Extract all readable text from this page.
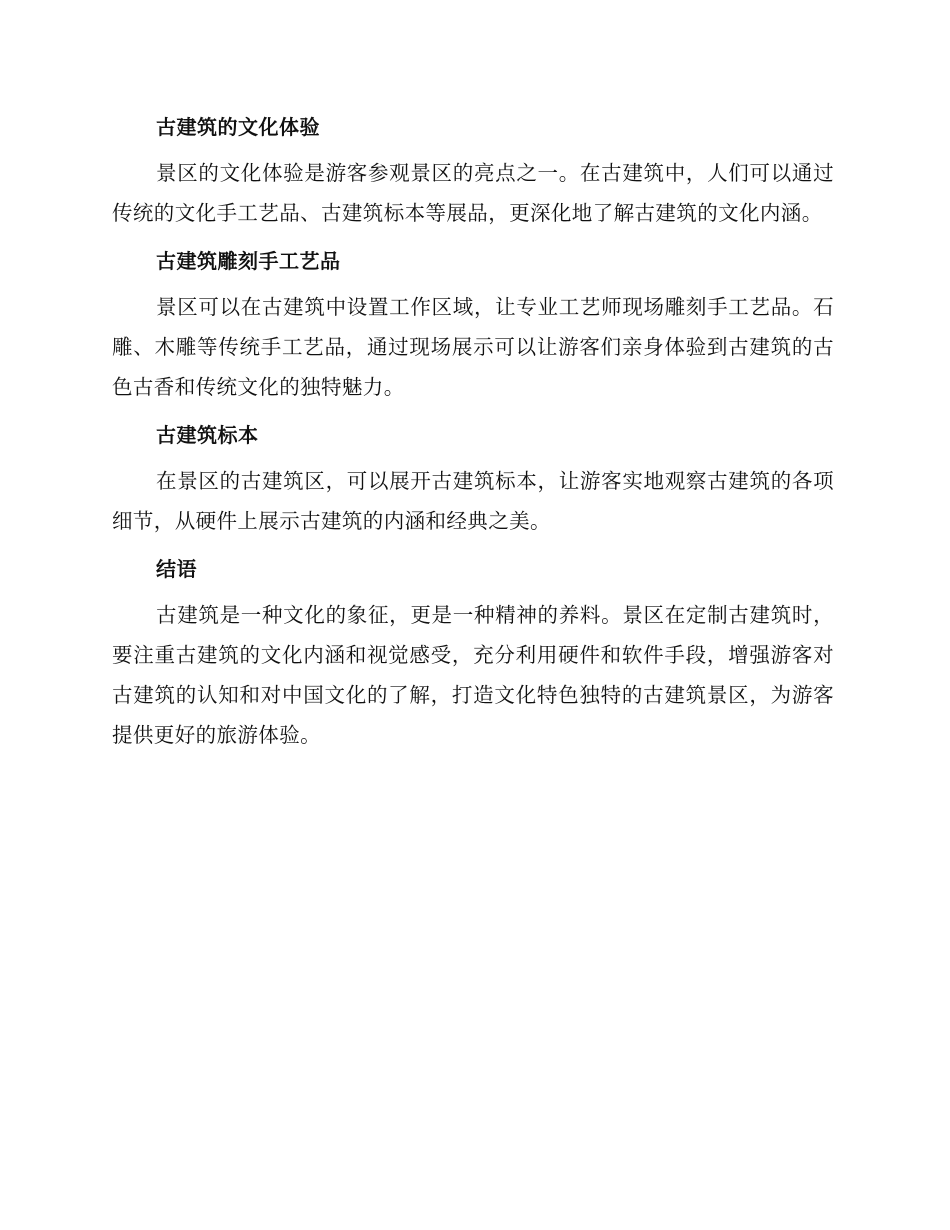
古建筑的文化体验

景区的文化体验是游客参观景区的亮点之一。在古建筑中，人们可以通过传统的文化手工艺品、古建筑标本等展品，更深化地了解古建筑的文化内涵。

古建筑雕刻手工艺品

景区可以在古建筑中设置工作区域，让专业工艺师现场雕刻手工艺品。石雕、木雕等传统手工艺品，通过现场展示可以让游客们亲身体验到古建筑的古色古香和传统文化的独特魅力。

古建筑标本

在景区的古建筑区，可以展开古建筑标本，让游客实地观察古建筑的各项细节，从硬件上展示古建筑的内涵和经典之美。

结语

古建筑是一种文化的象征，更是一种精神的养料。景区在定制古建筑时，要注重古建筑的文化内涵和视觉感受，充分利用硬件和软件手段，增强游客对古建筑的认知和对中国文化的了解，打造文化特色独特的古建筑景区，为游客提供更好的旅游体验。
